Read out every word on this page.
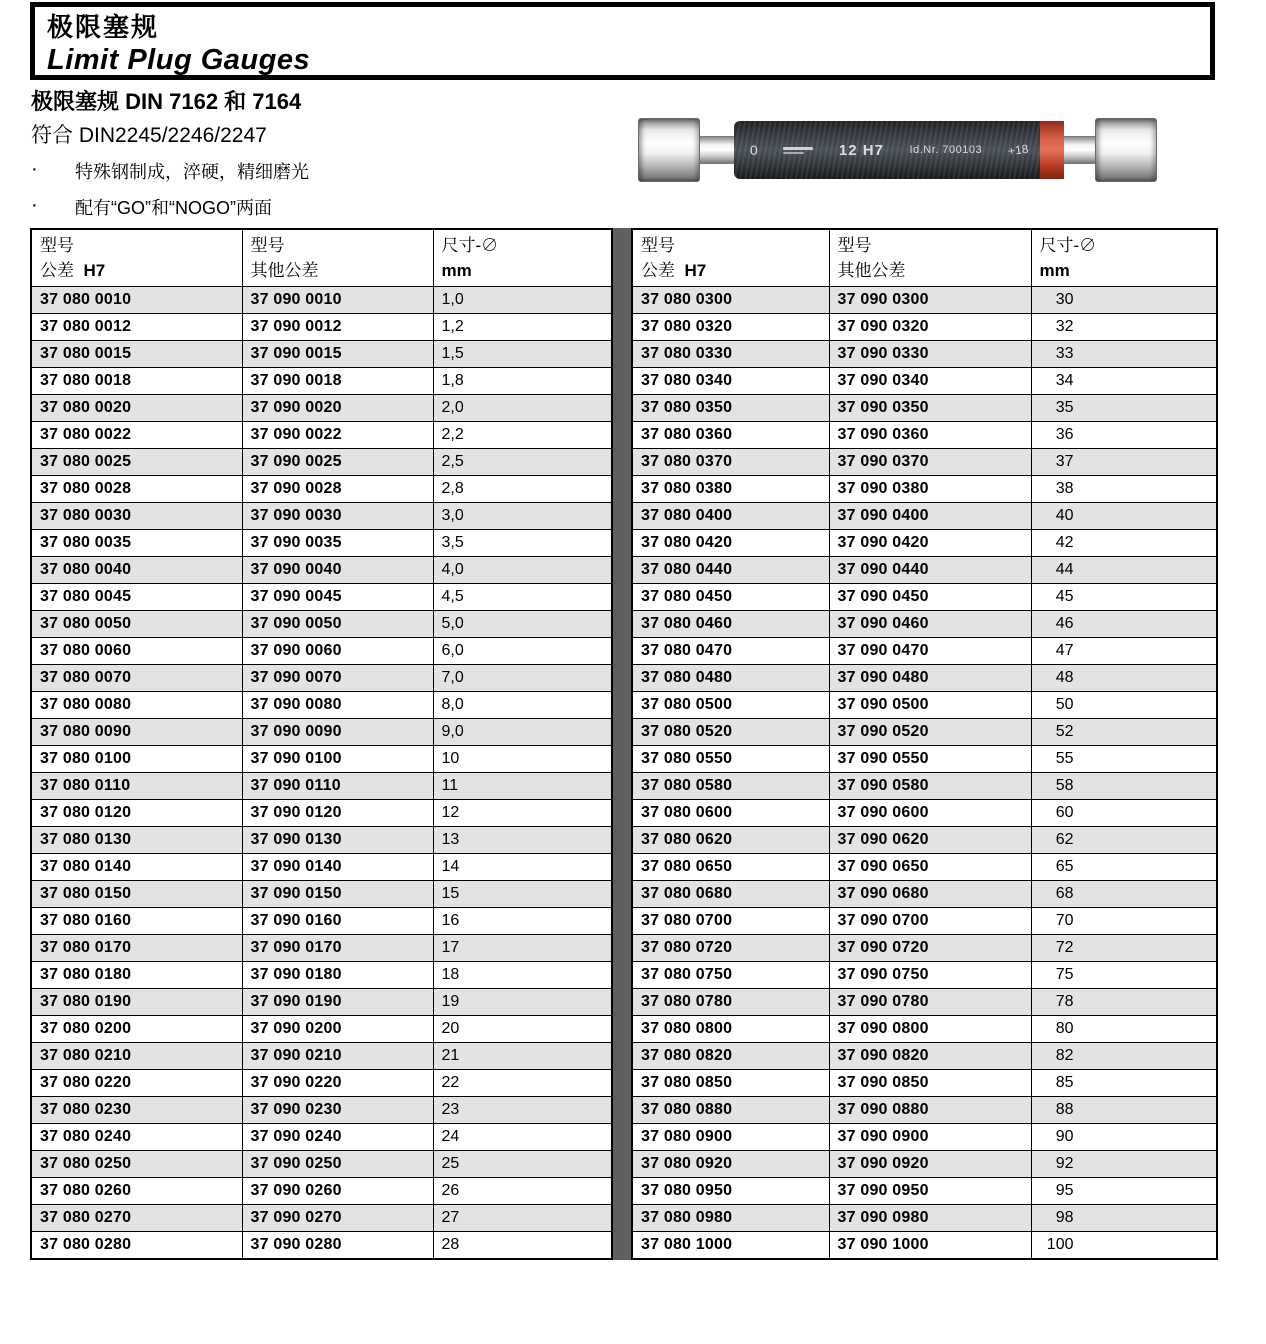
极限塞规
Limit Plug Gauges
极限塞规 DIN 7162 和 7164
符合 DIN2245/2246/2247
· 特殊钢制成，淬硬，精细磨光
· 配有“GO”和“NOGO”两面
0	12 H7 Id.Nr. 700103 +18
型号
公差 H7

型号
其他公差

尺寸-∅
mm

37 080 0010	37 090 0010	1,0
37 080 0012	37 090 0012	1,2
37 080 0015	37 090 0015	1,5
37 080 0018	37 090 0018	1,8
37 080 0020	37 090 0020	2,0
37 080 0022	37 090 0022	2,2
37 080 0025	37 090 0025	2,5
37 080 0028	37 090 0028	2,8
37 080 0030	37 090 0030	3,0
37 080 0035	37 090 0035	3,5
37 080 0040	37 090 0040	4,0
37 080 0045	37 090 0045	4,5
37 080 0050	37 090 0050	5,0
37 080 0060	37 090 0060	6,0
37 080 0070	37 090 0070	7,0
37 080 0080	37 090 0080	8,0
37 080 0090	37 090 0090	9,0
37 080 0100	37 090 0100	10
37 080 0110	37 090 0110	11
37 080 0120	37 090 0120	12
37 080 0130	37 090 0130	13
37 080 0140	37 090 0140	14
37 080 0150	37 090 0150	15
37 080 0160	37 090 0160	16
37 080 0170	37 090 0170	17
37 080 0180	37 090 0180	18
37 080 0190	37 090 0190	19
37 080 0200	37 090 0200	20
37 080 0210	37 090 0210	21
37 080 0220	37 090 0220	22
37 080 0230	37 090 0230	23
37 080 0240	37 090 0240	24
37 080 0250	37 090 0250	25
37 080 0260	37 090 0260	26
37 080 0270	37 090 0270	27
37 080 0280	37 090 0280	28
型号
公差 H7

型号
其他公差

尺寸-∅
mm

37 080 0300	37 090 0300	30
37 080 0320	37 090 0320	32
37 080 0330	37 090 0330	33
37 080 0340	37 090 0340	34
37 080 0350	37 090 0350	35
37 080 0360	37 090 0360	36
37 080 0370	37 090 0370	37
37 080 0380	37 090 0380	38
37 080 0400	37 090 0400	40
37 080 0420	37 090 0420	42
37 080 0440	37 090 0440	44
37 080 0450	37 090 0450	45
37 080 0460	37 090 0460	46
37 080 0470	37 090 0470	47
37 080 0480	37 090 0480	48
37 080 0500	37 090 0500	50
37 080 0520	37 090 0520	52
37 080 0550	37 090 0550	55
37 080 0580	37 090 0580	58
37 080 0600	37 090 0600	60
37 080 0620	37 090 0620	62
37 080 0650	37 090 0650	65
37 080 0680	37 090 0680	68
37 080 0700	37 090 0700	70
37 080 0720	37 090 0720	72
37 080 0750	37 090 0750	75
37 080 0780	37 090 0780	78
37 080 0800	37 090 0800	80
37 080 0820	37 090 0820	82
37 080 0850	37 090 0850	85
37 080 0880	37 090 0880	88
37 080 0900	37 090 0900	90
37 080 0920	37 090 0920	92
37 080 0950	37 090 0950	95
37 080 0980	37 090 0980	98
37 080 1000	37 090 1000	100
